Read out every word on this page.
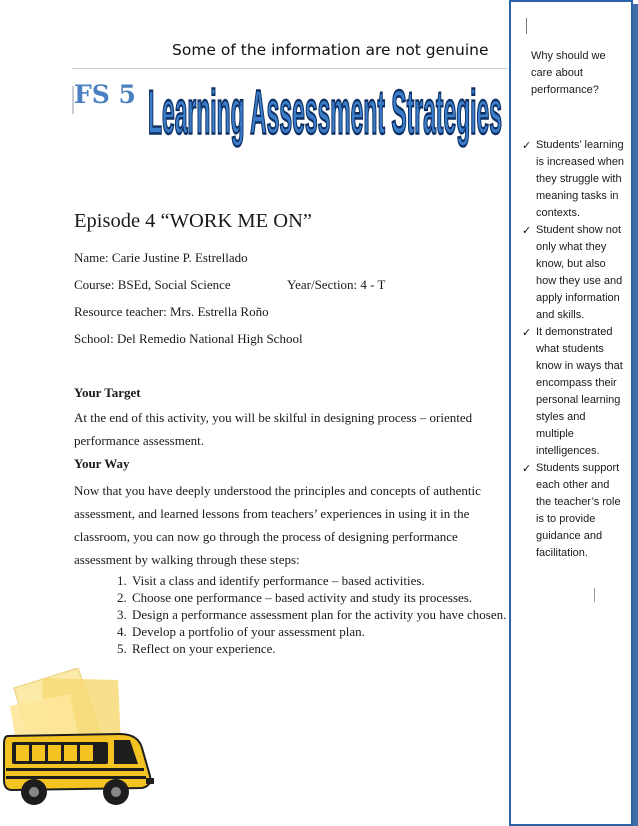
Some of the information are not genuine
FS 5 Learning Assessment Strategies
Episode 4 “WORK ME ON”
Name: Carie Justine P. Estrellado
Course: BSEd, Social Science	Year/Section: 4 - T
Resource teacher: Mrs. Estrella Roño
School: Del Remedio National High School
Your Target
At the end of this activity, you will be skilful in designing process – oriented performance assessment.
Your Way
Now that you have deeply understood the principles and concepts of authentic assessment, and learned lessons from teachers’ experiences in using it in the classroom, you can now go through the process of designing performance assessment by walking through these steps:
1. Visit a class and identify performance – based activities.
2. Choose one performance – based activity and study its processes.
3. Design a performance assessment plan for the activity you have chosen.
4. Develop a portfolio of your assessment plan.
5. Reflect on your experience.
Why should we care about performance?
✓ Students’ learning is increased when they struggle with meaning tasks in contexts.
✓ Student show not only what they know, but also how they use and apply information and skills.
✓ It demonstrated what students know in ways that encompass their personal learning styles and multiple intelligences.
✓ Students support each other and the teacher’s role is to provide guidance and facilitation.
